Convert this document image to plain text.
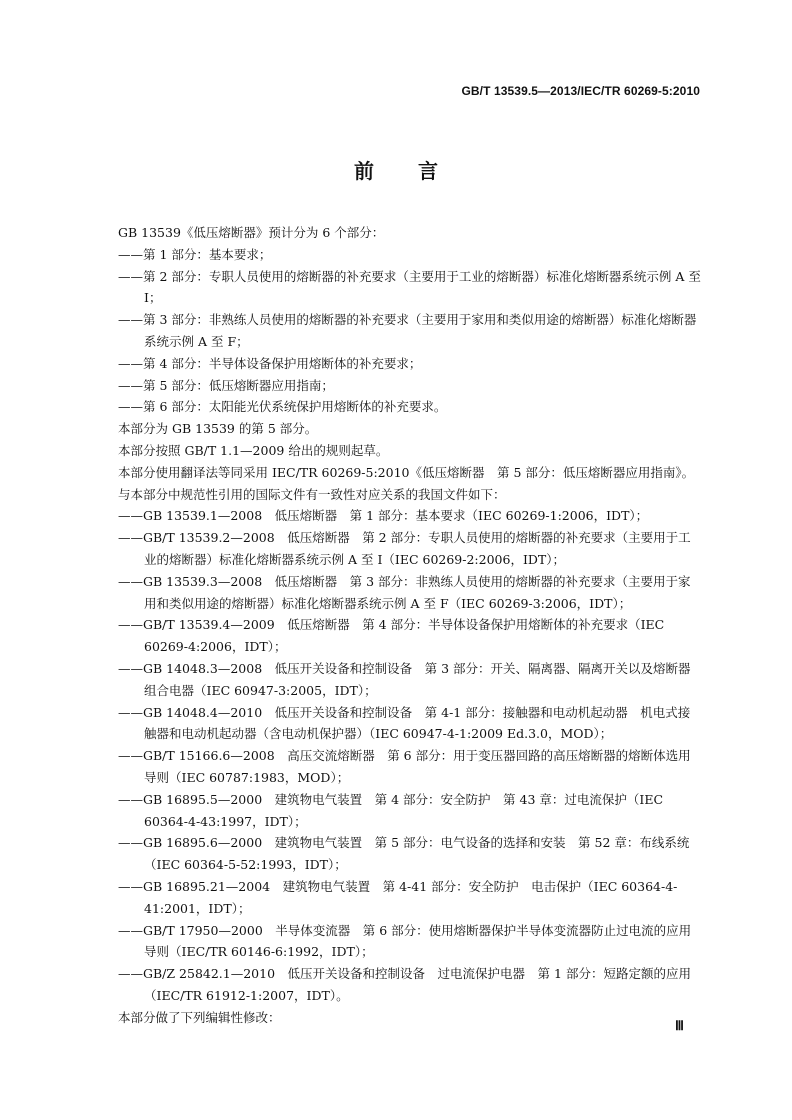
GB/T 13539.5—2013/IEC/TR 60269-5:2010
前言

GB 13539《低压熔断器》预计分为 6 个部分：

——第 1 部分：基本要求；

——第 2 部分：专职人员使用的熔断器的补充要求（主要用于工业的熔断器）标准化熔断器系统示例 A 至 I；

——第 3 部分：非熟练人员使用的熔断器的补充要求（主要用于家用和类似用途的熔断器）标准化熔断器系统示例 A 至 F；

——第 4 部分：半导体设备保护用熔断体的补充要求；

——第 5 部分：低压熔断器应用指南；

——第 6 部分：太阳能光伏系统保护用熔断体的补充要求。

本部分为 GB 13539 的第 5 部分。

本部分按照 GB/T 1.1—2009 给出的规则起草。

本部分使用翻译法等同采用 IEC/TR 60269-5:2010《低压熔断器　第 5 部分：低压熔断器应用指南》。

与本部分中规范性引用的国际文件有一致性对应关系的我国文件如下：

——GB 13539.1—2008　低压熔断器　第 1 部分：基本要求（IEC 60269-1:2006，IDT）；

——GB/T 13539.2—2008　低压熔断器　第 2 部分：专职人员使用的熔断器的补充要求（主要用于工业的熔断器）标准化熔断器系统示例 A 至 I（IEC 60269-2:2006，IDT）；

——GB 13539.3—2008　低压熔断器　第 3 部分：非熟练人员使用的熔断器的补充要求（主要用于家用和类似用途的熔断器）标准化熔断器系统示例 A 至 F（IEC 60269-3:2006，IDT）；

——GB/T 13539.4—2009　低压熔断器　第 4 部分：半导体设备保护用熔断体的补充要求（IEC 60269-4:2006，IDT）；

——GB 14048.3—2008　低压开关设备和控制设备　第 3 部分：开关、隔离器、隔离开关以及熔断器组合电器（IEC 60947-3:2005，IDT）；

——GB 14048.4—2010　低压开关设备和控制设备　第 4-1 部分：接触器和电动机起动器　机电式接触器和电动机起动器（含电动机保护器）（IEC 60947-4-1:2009 Ed.3.0，MOD）；

——GB/T 15166.6—2008　高压交流熔断器　第 6 部分：用于变压器回路的高压熔断器的熔断体选用导则（IEC 60787:1983，MOD）；

——GB 16895.5—2000　建筑物电气装置　第 4 部分：安全防护　第 43 章：过电流保护（IEC 60364-4-43:1997，IDT）；

——GB 16895.6—2000　建筑物电气装置　第 5 部分：电气设备的选择和安装　第 52 章：布线系统（IEC 60364-5-52:1993，IDT）；

——GB 16895.21—2004　建筑物电气装置　第 4-41 部分：安全防护　电击保护（IEC 60364-4-41:2001，IDT）；

——GB/T 17950—2000　半导体变流器　第 6 部分：使用熔断器保护半导体变流器防止过电流的应用导则（IEC/TR 60146-6:1992，IDT）；

——GB/Z 25842.1—2010　低压开关设备和控制设备　过电流保护电器　第 1 部分：短路定额的应用（IEC/TR 61912-1:2007，IDT）。

本部分做了下列编辑性修改：

Ⅲ
